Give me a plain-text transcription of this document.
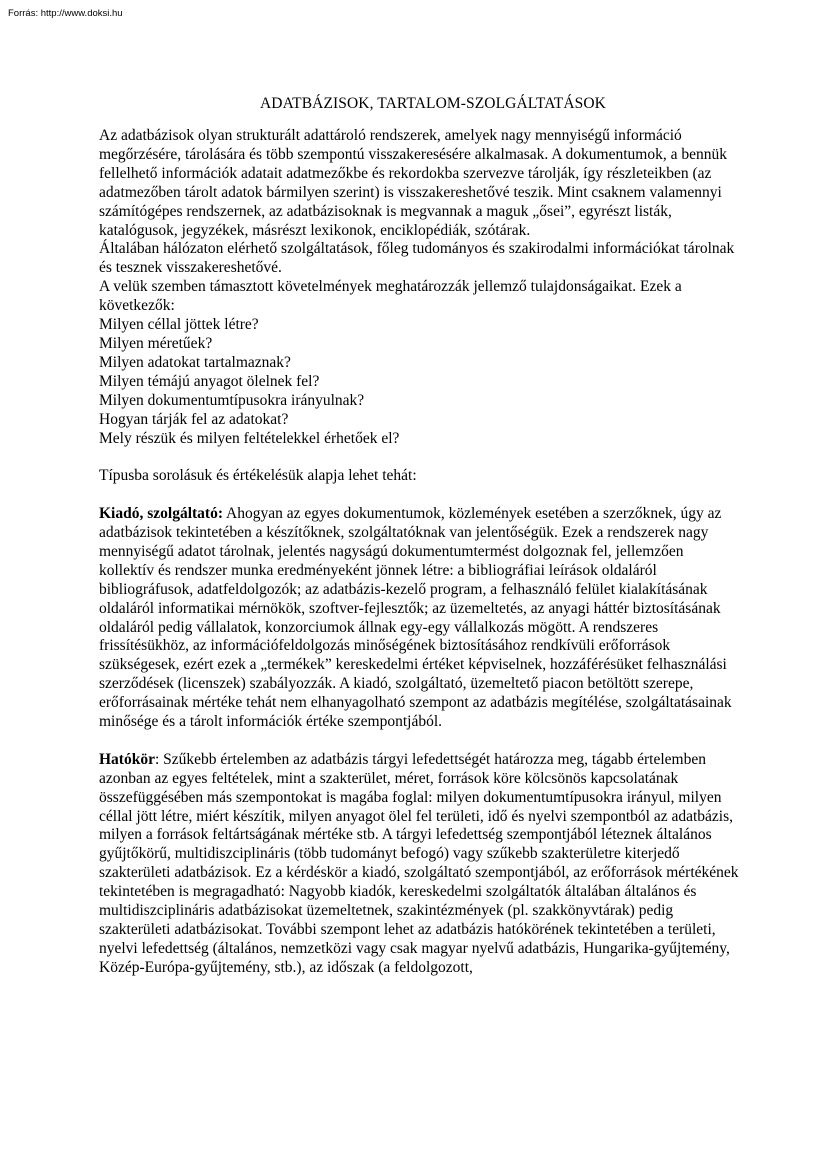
Forrás: http://www.doksi.hu
ADATBÁZISOK, TARTALOM-SZOLGÁLTATÁSOK

Az adatbázisok olyan strukturált adattároló rendszerek, amelyek nagy mennyiségű információ megőrzésére, tárolására és több szempontú visszakeresésére alkalmasak. A dokumentumok, a bennük fellelhető információk adatait adatmezőkbe és rekordokba szervezve tárolják, így részleteikben (az adatmezőben tárolt adatok bármilyen szerint) is visszakereshetővé teszik. Mint csaknem valamennyi számítógépes rendszernek, az adatbázisoknak is megvannak a maguk „ősei”, egyrészt listák, katalógusok, jegyzékek, másrészt lexikonok, enciklopédiák, szótárak.

Általában hálózaton elérhető szolgáltatások, főleg tudományos és szakirodalmi információkat tárolnak és tesznek visszakereshetővé.

A velük szemben támasztott követelmények meghatározzák jellemző tulajdonságaikat. Ezek a következők:

Milyen céllal jöttek létre?

Milyen méretűek?

Milyen adatokat tartalmaznak?

Milyen témájú anyagot ölelnek fel?

Milyen dokumentumtípusokra irányulnak?

Hogyan tárják fel az adatokat?

Mely részük és milyen feltételekkel érhetőek el?

Típusba sorolásuk és értékelésük alapja lehet tehát:

Kiadó, szolgáltató: Ahogyan az egyes dokumentumok, közlemények esetében a szerzőknek, úgy az adatbázisok tekintetében a készítőknek, szolgáltatóknak van jelentőségük. Ezek a rendszerek nagy mennyiségű adatot tárolnak, jelentés nagyságú dokumentumtermést dolgoznak fel, jellemzően kollektív és rendszer munka eredményeként jönnek létre: a bibliográfiai leírások oldaláról bibliográfusok, adatfeldolgozók; az adatbázis-kezelő program, a felhasználó felület kialakításának oldaláról informatikai mérnökök, szoftver-fejlesztők; az üzemeltetés, az anyagi háttér biztosításának oldaláról pedig vállalatok, konzorciumok állnak egy-egy vállalkozás mögött. A rendszeres frissítésükhöz, az információfeldolgozás minőségének biztosításához rendkívüli erőforrások szükségesek, ezért ezek a „termékek” kereskedelmi értéket képviselnek, hozzáférésüket felhasználási szerződések (licenszek) szabályozzák. A kiadó, szolgáltató, üzemeltető piacon betöltött szerepe, erőforrásainak mértéke tehát nem elhanyagolható szempont az adatbázis megítélése, szolgáltatásainak minősége és a tárolt információk értéke szempontjából.

Hatókör: Szűkebb értelemben az adatbázis tárgyi lefedettségét határozza meg, tágabb értelemben azonban az egyes feltételek, mint a szakterület, méret, források köre kölcsönös kapcsolatának összefüggésében más szempontokat is magába foglal: milyen dokumentumtípusokra irányul, milyen céllal jött létre, miért készítik, milyen anyagot ölel fel területi, idő és nyelvi szempontból az adatbázis, milyen a források feltártságának mértéke stb. A tárgyi lefedettség szempontjából léteznek általános gyűjtőkörű, multidiszciplináris (több tudományt befogó) vagy szűkebb szakterületre kiterjedő szakterületi adatbázisok. Ez a kérdéskör a kiadó, szolgáltató szempontjából, az erőforrások mértékének tekintetében is megragadható: Nagyobb kiadók, kereskedelmi szolgáltatók általában általános és multidiszciplináris adatbázisokat üzemeltetnek, szakintézmények (pl. szakkönyvtárak) pedig szakterületi adatbázisokat. További szempont lehet az adatbázis hatókörének tekintetében a területi, nyelvi lefedettség (általános, nemzetközi vagy csak magyar nyelvű adatbázis, Hungarika-gyűjtemény, Közép-Európa-gyűjtemény, stb.), az időszak (a feldolgozott,
